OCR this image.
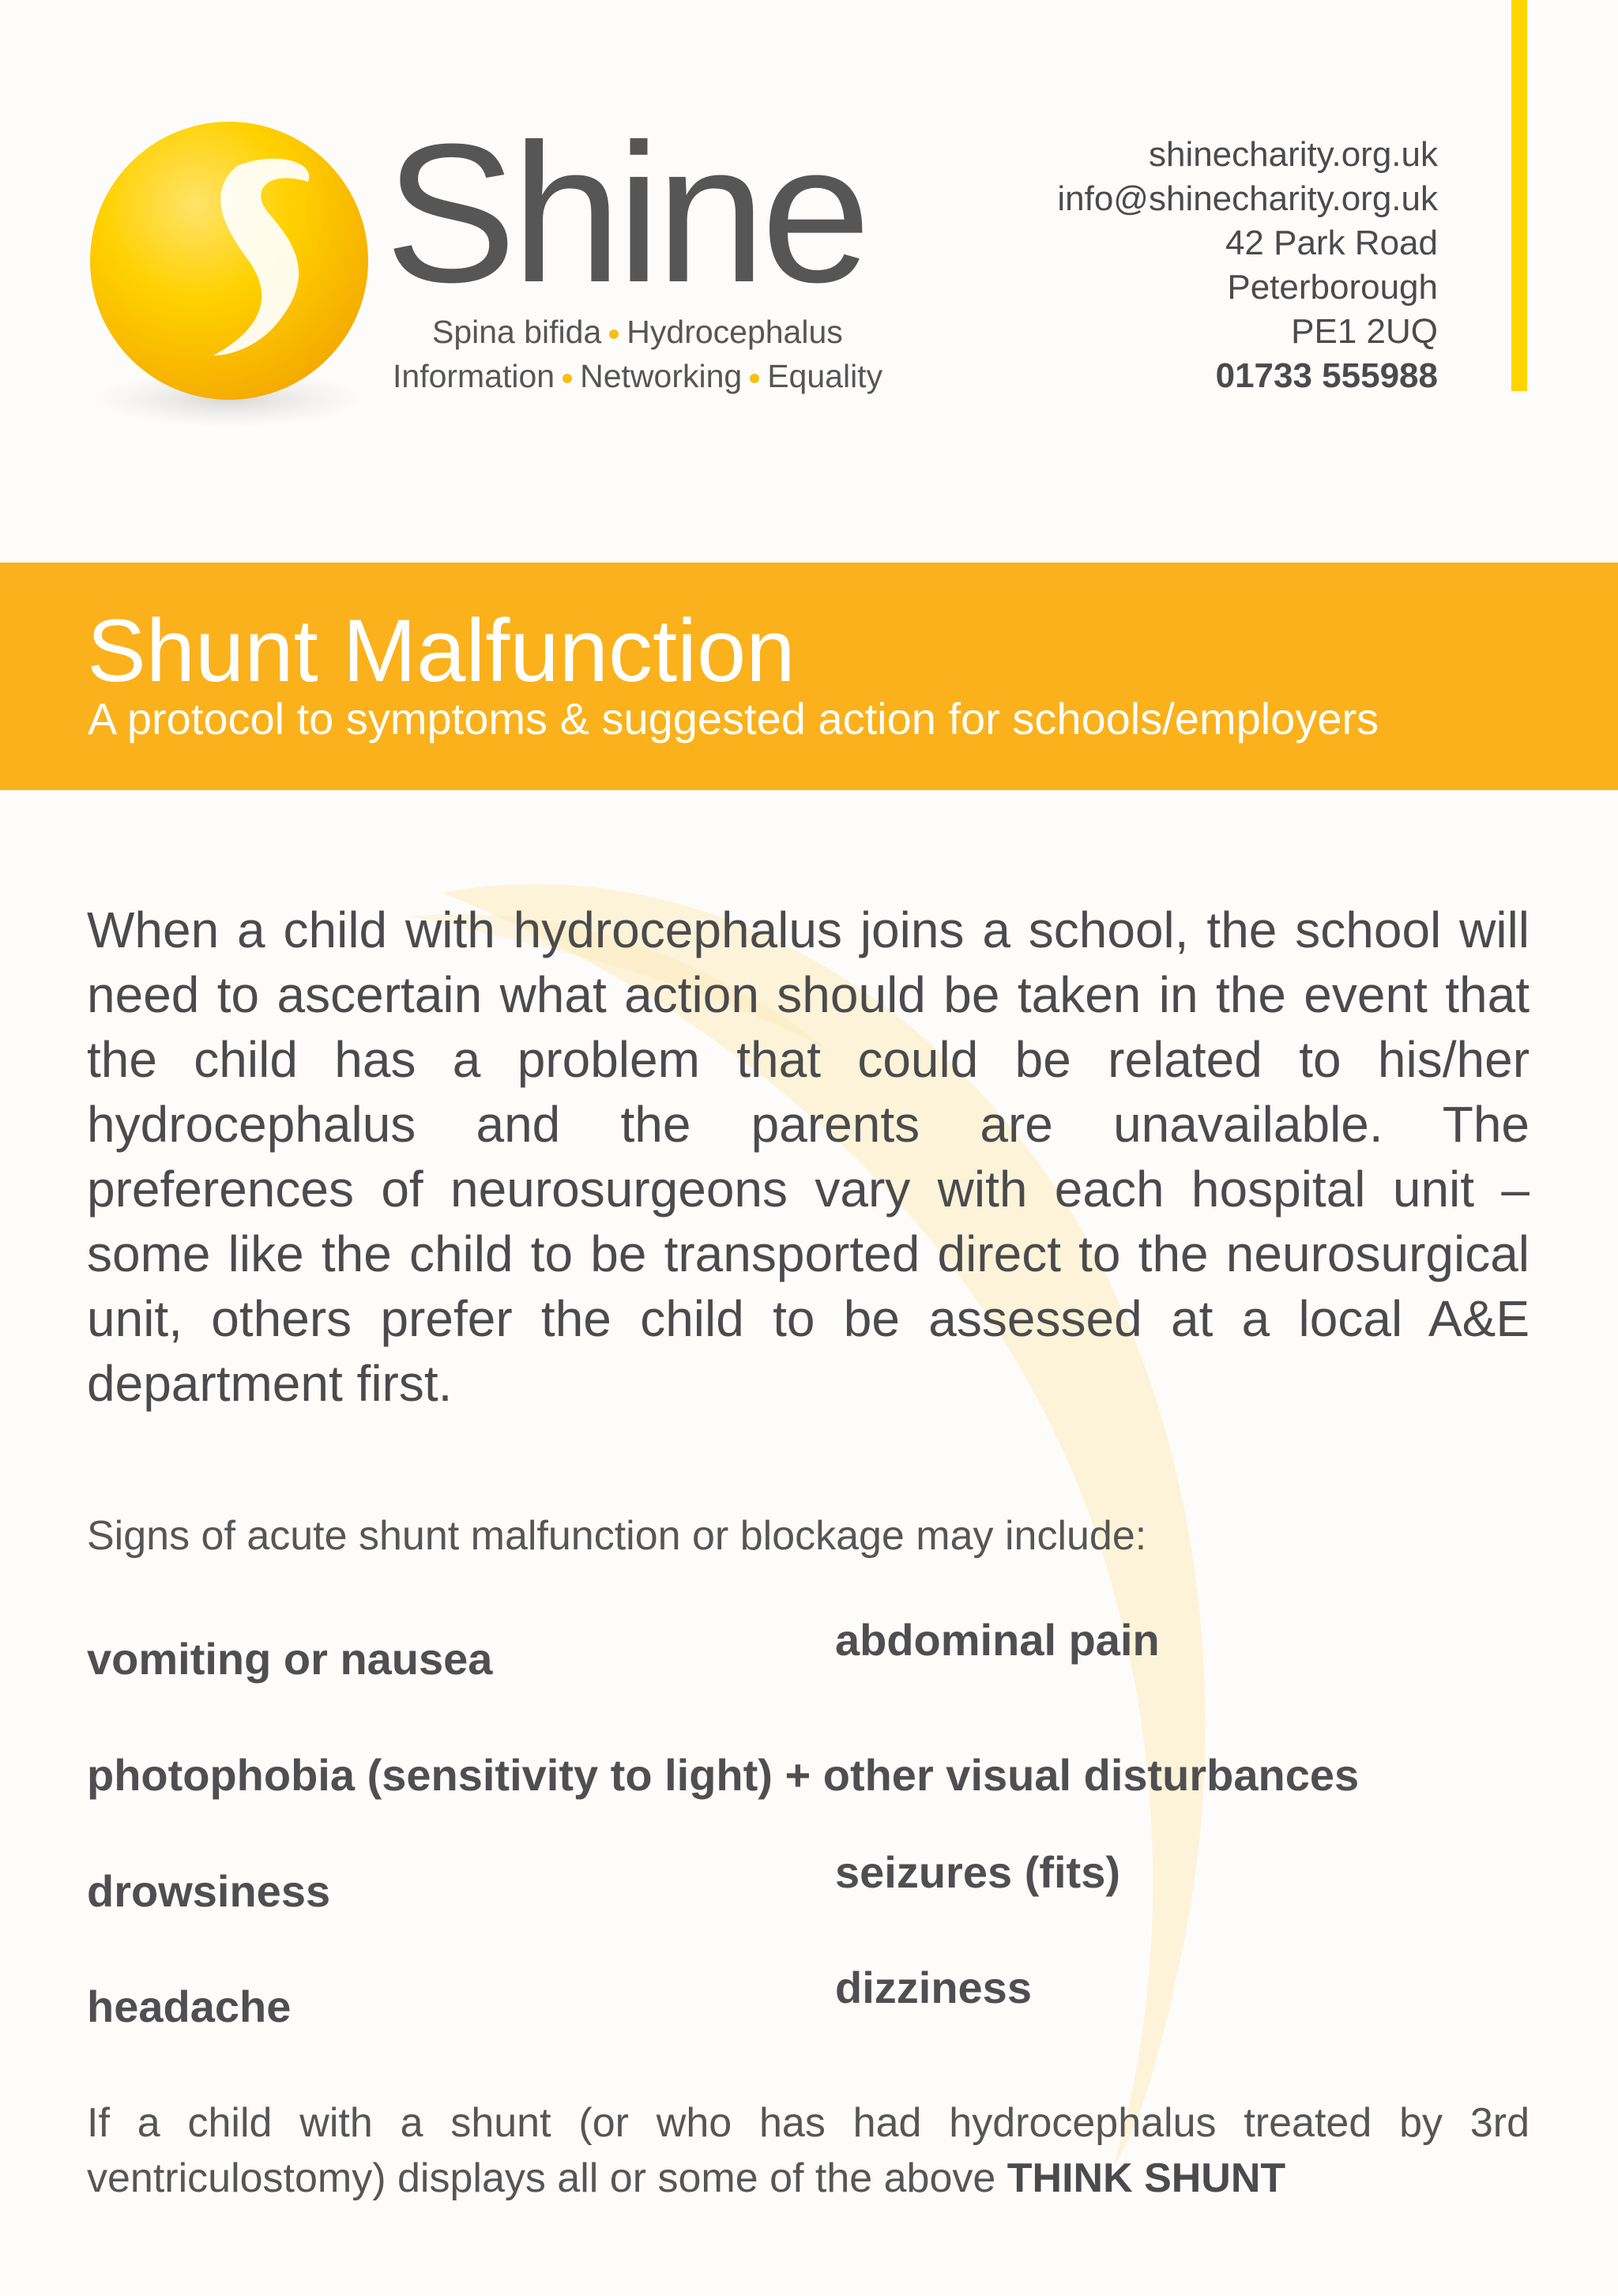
Shine
Spina bifida Hydrocephalus
Information Networking Equality
shinecharity.org.uk
info@shinecharity.org.uk
42 Park Road
Peterborough
PE1 2UQ
01733 555988
Shunt Malfunction
A protocol to symptoms & suggested action for schools/employers

When a child with hydrocephalus joins a school, the school will need to ascertain what action should be taken in the event that the child has a problem that could be related to his/her hydrocephalus and the parents are unavailable. The preferences of neurosurgeons vary with each hospital unit – some like the child to be transported direct to the neurosurgical unit, others prefer the child to be assessed at a local A&E department first.

Signs of acute shunt malfunction or blockage may include:

vomiting or nausea	abdominal pain

photophobia (sensitivity to light) + other visual disturbances

drowsiness	seizures (fits)

headache	dizziness

If a child with a shunt (or who has had hydrocephalus treated by 3rd ventriculostomy) displays all or some of the above THINK SHUNT
